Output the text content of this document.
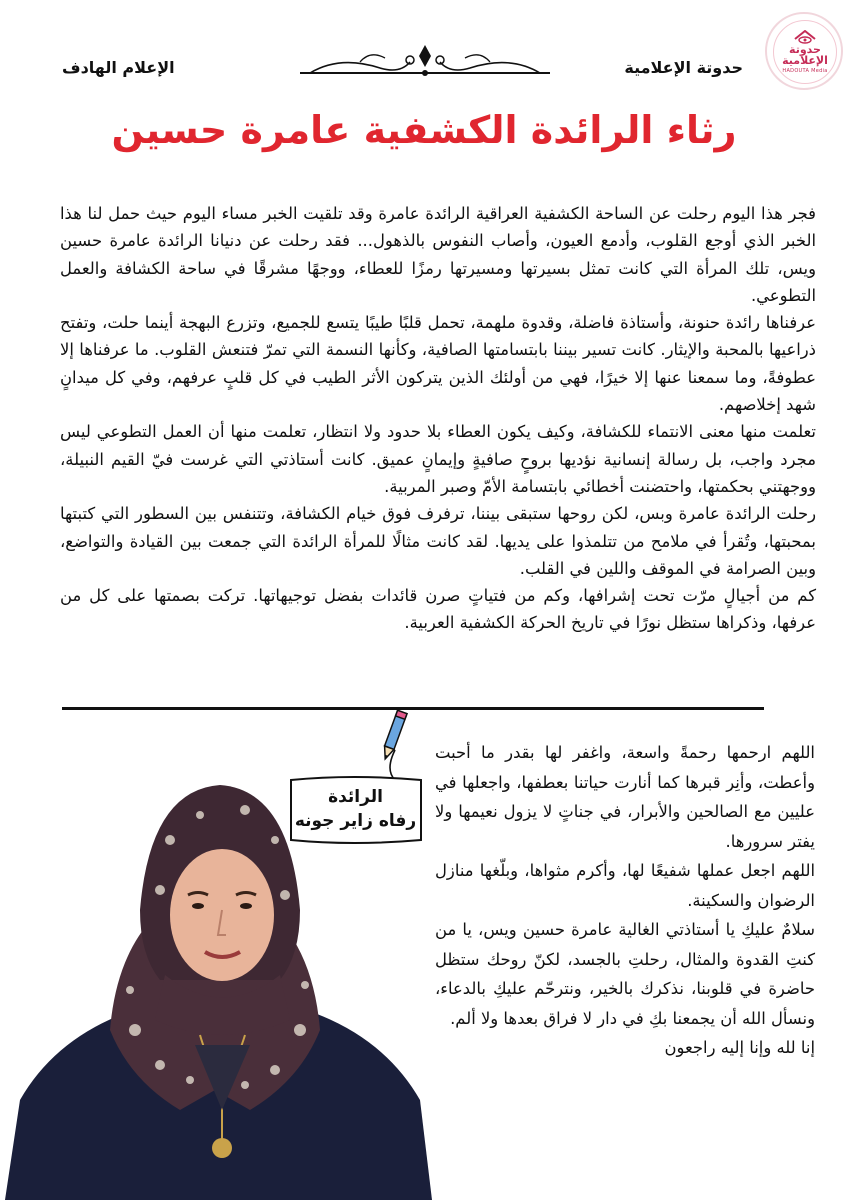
حدوتة
الإعلامية
HADOUTA Media
حدوتة الإعلامية
الإعلام الهادف
رثاء الرائدة الكشفية عامرة حسين

فجر هذا اليوم رحلت عن الساحة الكشفية العراقية الرائدة عامرة وقد تلقيت الخبر مساء اليوم حيث حمل لنا هذا الخبر الذي أوجع القلوب، وأدمع العيون، وأصاب النفوس بالذهول... فقد رحلت عن دنيانا الرائدة عامرة حسين ويس، تلك المرأة التي كانت تمثل بسيرتها ومسيرتها رمزًا للعطاء، ووجهًا مشرقًا في ساحة الكشافة والعمل التطوعي.

عرفناها رائدة حنونة، وأستاذة فاضلة، وقدوة ملهمة، تحمل قلبًا طيبًا يتسع للجميع، وتزرع البهجة أينما حلت، وتفتح ذراعيها بالمحبة والإيثار. كانت تسير بيننا بابتسامتها الصافية، وكأنها النسمة التي تمرّ فتنعش القلوب. ما عرفناها إلا عطوفةً، وما سمعنا عنها إلا خيرًا، فهي من أولئك الذين يتركون الأثر الطيب في كل قلبٍ عرفهم، وفي كل ميدانٍ شهد إخلاصهم.

تعلمت منها معنى الانتماء للكشافة، وكيف يكون العطاء بلا حدود ولا انتظار، تعلمت منها أن العمل التطوعي ليس مجرد واجب، بل رسالة إنسانية نؤديها بروحٍ صافيةٍ وإيمانٍ عميق. كانت أستاذتي التي غرست فيّ القيم النبيلة، ووجهتني بحكمتها، واحتضنت أخطائي بابتسامة الأمّ وصبر المربية.

رحلت الرائدة عامرة وبس، لكن روحها ستبقى بيننا، ترفرف فوق خيام الكشافة، وتتنفس بين السطور التي كتبتها بمحبتها، وتُقرأ في ملامح من تتلمذوا على يديها. لقد كانت مثالًا للمرأة الرائدة التي جمعت بين القيادة والتواضع، وبين الصرامة في الموقف واللين في القلب.

كم من أجيالٍ مرّت تحت إشرافها، وكم من فتياتٍ صرن قائدات بفضل توجيهاتها. تركت بصمتها على كل من عرفها، وذكراها ستظل نورًا في تاريخ الحركة الكشفية العربية.

الرائدة
رفاه زاير جونه

اللهم ارحمها رحمةً واسعة، واغفر لها بقدر ما أحبت وأعطت، وأنِر قبرها كما أنارت حياتنا بعطفها، واجعلها في عليين مع الصالحين والأبرار، في جناتٍ لا يزول نعيمها ولا يفتر سرورها.

اللهم اجعل عملها شفيعًا لها، وأكرم مثواها، وبلّغها منازل الرضوان والسكينة.

سلامٌ عليكِ يا أستاذتي الغالية عامرة حسين ويس، يا من كنتِ القدوة والمثال، رحلتِ بالجسد، لكنّ روحك ستظل حاضرة في قلوبنا، نذكرك بالخير، ونترحّم عليكِ بالدعاء، ونسأل الله أن يجمعنا بكِ في دار لا فراق بعدها ولا ألم.

إنا لله وإنا إليه راجعون
